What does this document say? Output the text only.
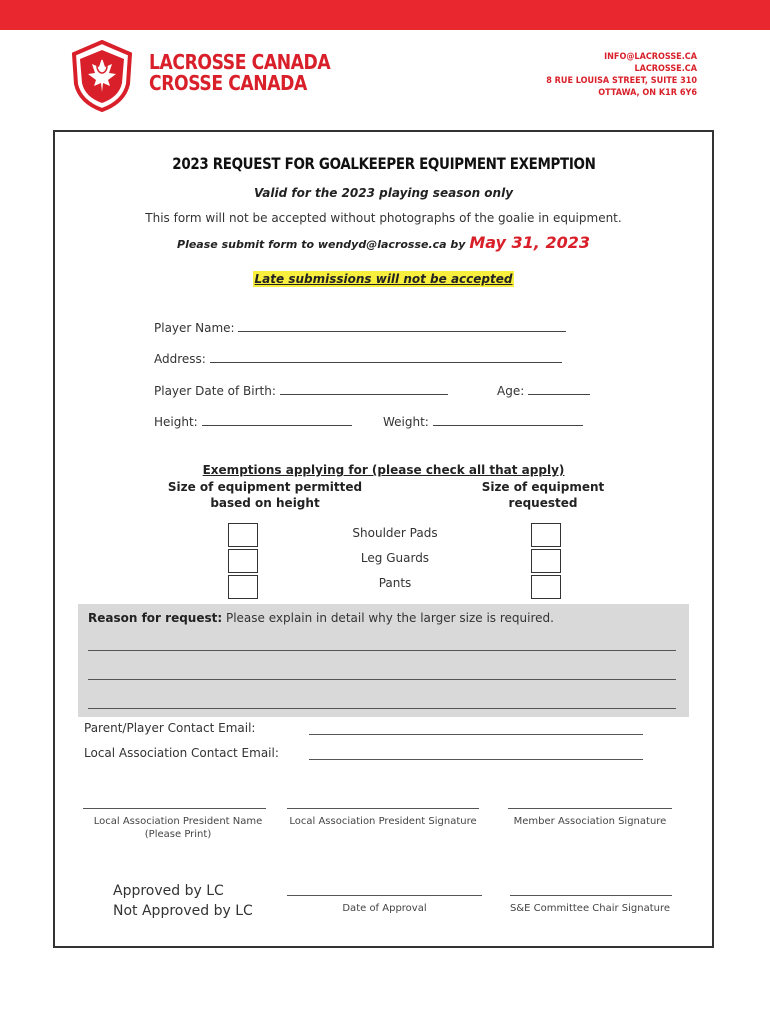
LACROSSE CANADA
CROSSE CANADA
INFO@LACROSSE.CA
LACROSSE.CA
8 RUE LOUISA STREET, SUITE 310
OTTAWA, ON K1R 6Y6
2023 REQUEST FOR GOALKEEPER EQUIPMENT EXEMPTION
Valid for the 2023 playing season only
This form will not be accepted without photographs of the goalie in equipment.
Please submit form to wendyd@lacrosse.ca by May 31, 2023
Late submissions will not be accepted
Player Name:
Address:
Player Date of Birth:	Age:
Height:	Weight:
Exemptions applying for (please check all that apply)
Size of equipment permitted
based on height
Size of equipment
requested
Shoulder Pads
Leg Guards
Pants
Reason for request: Please explain in detail why the larger size is required.
Parent/Player Contact Email:
Local Association Contact Email:
Local Association President Name
(Please Print)
Local Association President Signature	Member Association Signature
Approved by LC
Not Approved by LC	Date of Approval	S&E Committee Chair Signature
